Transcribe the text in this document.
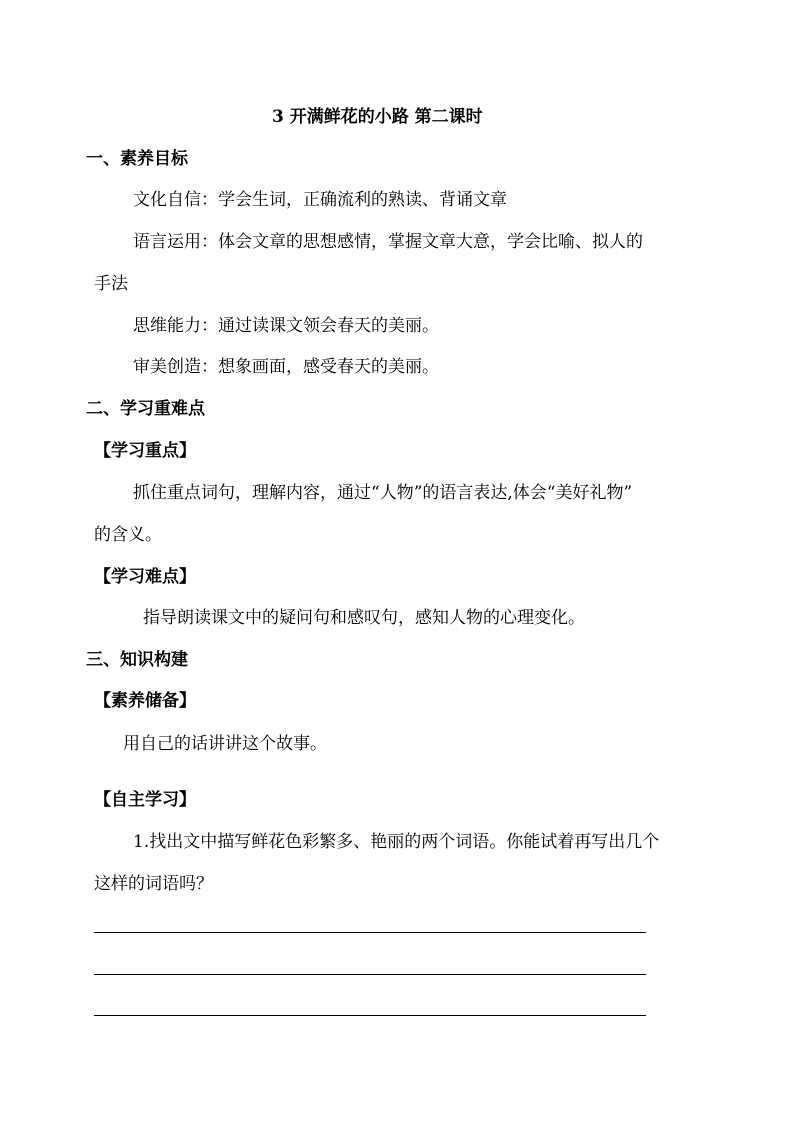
3 开满鲜花的小路 第二课时
一、素养目标
文化自信：学会生词，正确流利的熟读、背诵文章
语言运用：体会文章的思想感情，掌握文章大意，学会比喻、拟人的
手法
思维能力：通过读课文领会春天的美丽。
审美创造：想象画面，感受春天的美丽。
二、学习重难点
【学习重点】
抓住重点词句，理解内容，通过“人物”的语言表达,体会“美好礼物”
的含义。
【学习难点】
指导朗读课文中的疑问句和感叹句，感知人物的心理变化。
三、知识构建
【素养储备】
用自己的话讲讲这个故事。
【自主学习】
1.找出文中描写鲜花色彩繁多、艳丽的两个词语。你能试着再写出几个
这样的词语吗？
